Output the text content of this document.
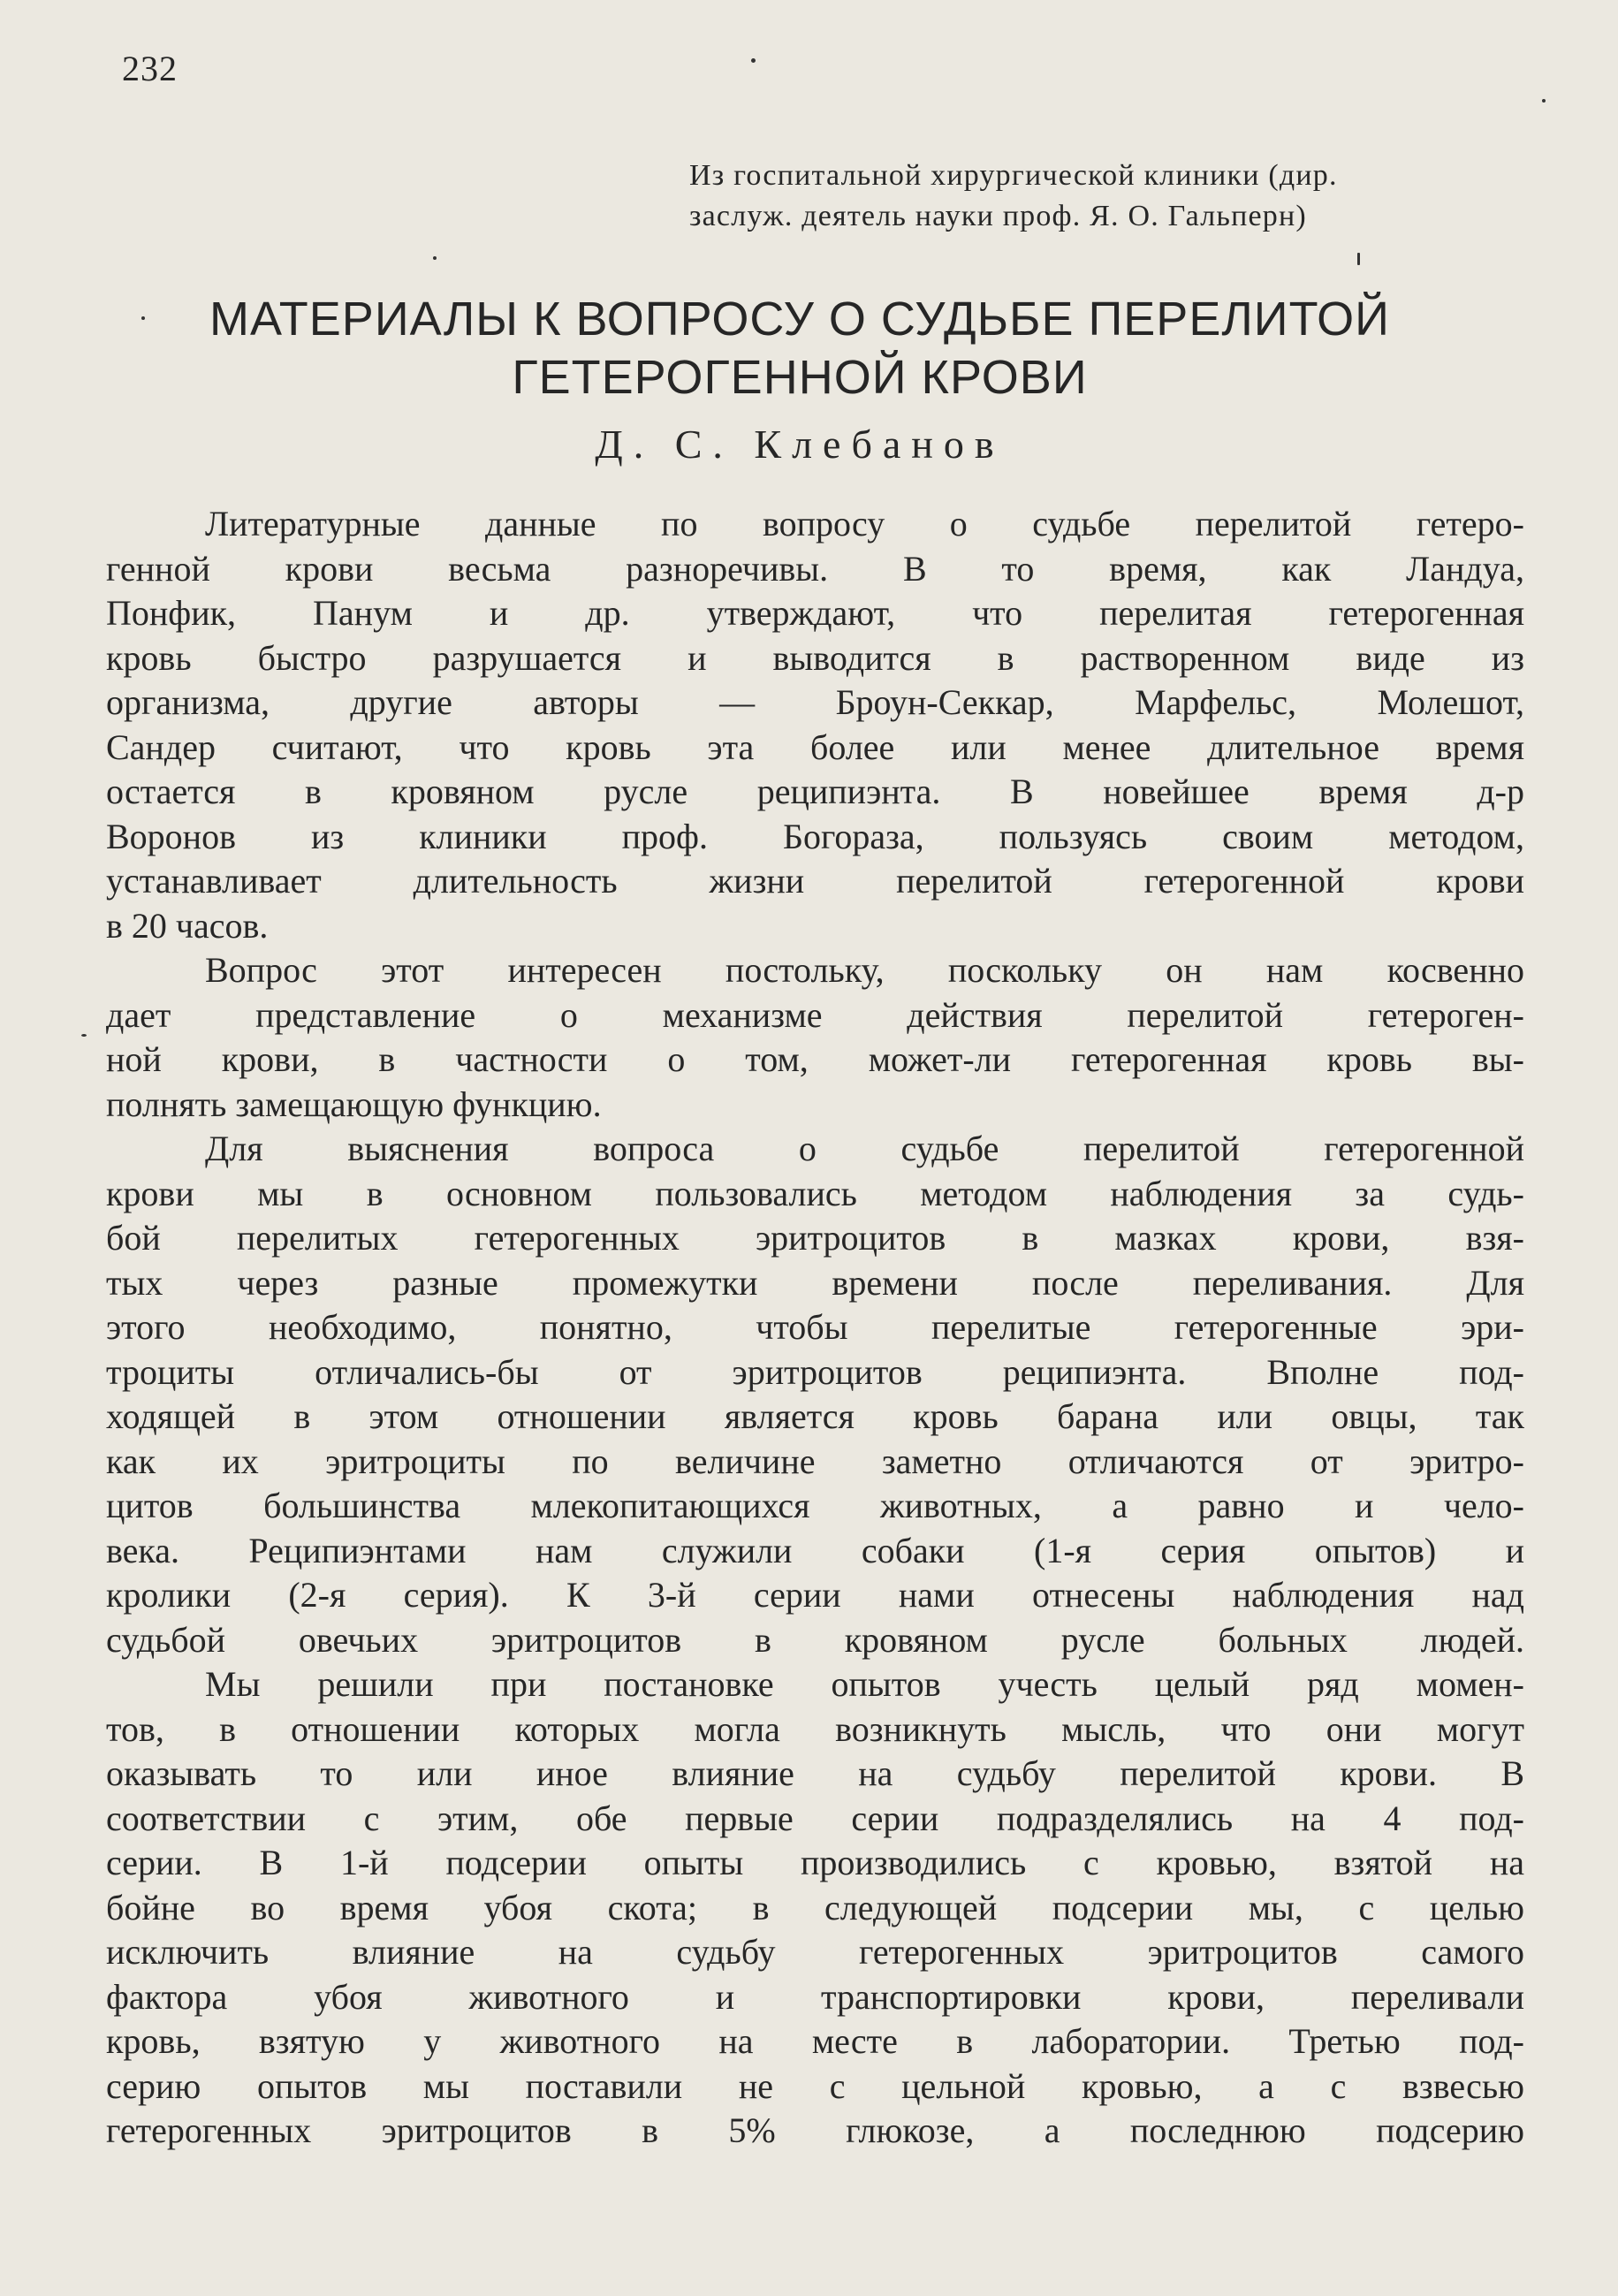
232
Из госпитальной хирургической клиники (дир.
заслуж. деятель науки проф. Я. О. Гальперн)
МАТЕРИАЛЫ К ВОПРОСУ О СУДЬБЕ ПЕРЕЛИТОЙ
ГЕТЕРОГЕННОЙ КРОВИ
Д. С. Клебанов
Литературные данные по вопросу о судьбе перелитой гетеро-
генной крови весьма разноречивы. В то время, как Ландуа,
Понфик, Панум и др. утверждают, что перелитая гетерогенная
кровь быстро разрушается и выводится в растворенном виде из
организма, другие авторы — Броун-Секкар, Марфельс, Молешот,
Сандер считают, что кровь эта более или менее длительное время
остается в кровяном русле реципиэнта. В новейшее время д-р
Воронов из клиники проф. Богораза, пользуясь своим методом,
устанавливает длительность жизни перелитой гетерогенной крови
в 20 часов.
Вопрос этот интересен постольку, поскольку он нам косвенно
дает представление о механизме действия перелитой гетероген-
ной крови, в частности о том, может-ли гетерогенная кровь вы-
полнять замещающую функцию.
Для выяснения вопроса о судьбе перелитой гетерогенной
крови мы в основном пользовались методом наблюдения за судь-
бой перелитых гетерогенных эритроцитов в мазках крови, взя-
тых через разные промежутки времени после переливания. Для
этого необходимо, понятно, чтобы перелитые гетерогенные эри-
троциты отличались-бы от эритроцитов реципиэнта. Вполне под-
ходящей в этом отношении является кровь барана или овцы, так
как их эритроциты по величине заметно отличаются от эритро-
цитов большинства млекопитающихся животных, а равно и чело-
века. Реципиэнтами нам служили собаки (1-я серия опытов) и
кролики (2-я серия). К 3-й серии нами отнесены наблюдения над
судьбой овечьих эритроцитов в кровяном русле больных людей.
Мы решили при постановке опытов учесть целый ряд момен-
тов, в отношении которых могла возникнуть мысль, что они могут
оказывать то или иное влияние на судьбу перелитой крови. В
соответствии с этим, обе первые серии подразделялись на 4 под-
серии. В 1-й подсерии опыты производились с кровью, взятой на
бойне во время убоя скота; в следующей подсерии мы, с целью
исключить влияние на судьбу гетерогенных эритроцитов самого
фактора убоя животного и транспортировки крови, переливали
кровь, взятую у животного на месте в лаборатории. Третью под-
серию опытов мы поставили не с цельной кровью, а с взвесью
гетерогенных эритроцитов в 5% глюкозе, а последнюю подсерию
